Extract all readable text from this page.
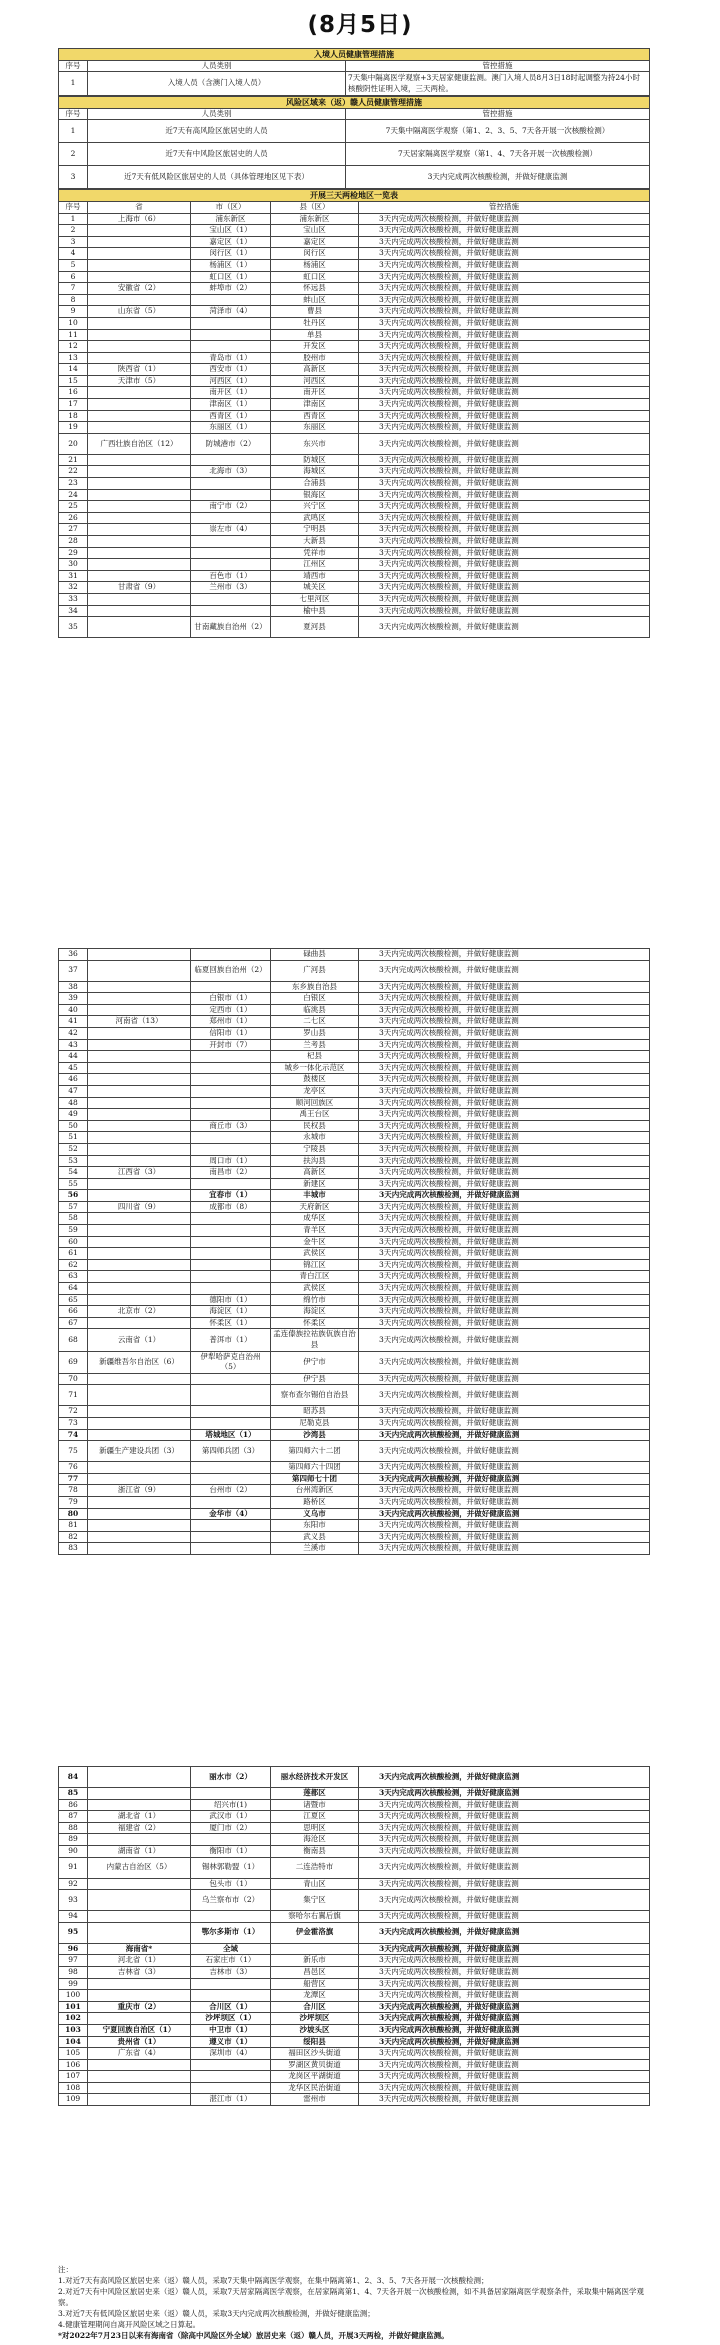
(8月5日)
入境人员健康管理措施		
序号	人员类别	管控措施
1	入境人员（含澳门入境人员）	7天集中隔离医学观察+3天居家健康监测。澳门入境人员8月3日18时起调整为持24小时核酸阴性证明入境，三天两检。
风险区域来（返）赣人员健康管理措施		
序号	人员类别	管控措施
1	近7天有高风险区旅居史的人员	7天集中隔离医学观察（第1、2、3、5、7天各开展一次核酸检测）
2	近7天有中风险区旅居史的人员	7天居家隔离医学观察（第1、4、7天各开展一次核酸检测）
3	近7天有低风险区旅居史的人员（具体管理地区见下表）	3天内完成两次核酸检测，并做好健康监测
开展三天两检地区一览表				
序号	省	市（区）	县（区）	管控措施
1	上海市（6）	浦东新区	浦东新区	3天内完成两次核酸检测，并做好健康监测
2		宝山区（1）	宝山区	3天内完成两次核酸检测，并做好健康监测
3		嘉定区（1）	嘉定区	3天内完成两次核酸检测，并做好健康监测
4		闵行区（1）	闵行区	3天内完成两次核酸检测，并做好健康监测
5		杨浦区（1）	杨浦区	3天内完成两次核酸检测，并做好健康监测
6		虹口区（1）	虹口区	3天内完成两次核酸检测，并做好健康监测
7	安徽省（2）	蚌埠市（2）	怀远县	3天内完成两次核酸检测，并做好健康监测
8			蚌山区	3天内完成两次核酸检测，并做好健康监测
9	山东省（5）	菏泽市（4）	曹县	3天内完成两次核酸检测，并做好健康监测
10			牡丹区	3天内完成两次核酸检测，并做好健康监测
11			单县	3天内完成两次核酸检测，并做好健康监测
12			开发区	3天内完成两次核酸检测，并做好健康监测
13		青岛市（1）	胶州市	3天内完成两次核酸检测，并做好健康监测
14	陕西省（1）	西安市（1）	高新区	3天内完成两次核酸检测，并做好健康监测
15	天津市（5）	河西区（1）	河西区	3天内完成两次核酸检测，并做好健康监测
16		南开区（1）	南开区	3天内完成两次核酸检测，并做好健康监测
17		津南区（1）	津南区	3天内完成两次核酸检测，并做好健康监测
18		西青区（1）	西青区	3天内完成两次核酸检测，并做好健康监测
19		东丽区（1）	东丽区	3天内完成两次核酸检测，并做好健康监测
20	广西壮族自治区（12）	防城港市（2）	东兴市	3天内完成两次核酸检测，并做好健康监测
21			防城区	3天内完成两次核酸检测，并做好健康监测
22		北海市（3）	海城区	3天内完成两次核酸检测，并做好健康监测
23			合浦县	3天内完成两次核酸检测，并做好健康监测
24			银海区	3天内完成两次核酸检测，并做好健康监测
25		南宁市（2）	兴宁区	3天内完成两次核酸检测，并做好健康监测
26			武鸣区	3天内完成两次核酸检测，并做好健康监测
27		崇左市（4）	宁明县	3天内完成两次核酸检测，并做好健康监测
28			大新县	3天内完成两次核酸检测，并做好健康监测
29			凭祥市	3天内完成两次核酸检测，并做好健康监测
30			江州区	3天内完成两次核酸检测，并做好健康监测
31		百色市（1）	靖西市	3天内完成两次核酸检测，并做好健康监测
32	甘肃省（9）	兰州市（3）	城关区	3天内完成两次核酸检测，并做好健康监测
33			七里河区	3天内完成两次核酸检测，并做好健康监测
34			榆中县	3天内完成两次核酸检测，并做好健康监测
35		甘南藏族自治州（2）	夏河县	3天内完成两次核酸检测，并做好健康监测
36			碌曲县	3天内完成两次核酸检测，并做好健康监测
37		临夏回族自治州（2）	广河县	3天内完成两次核酸检测，并做好健康监测
38			东乡族自治县	3天内完成两次核酸检测，并做好健康监测
39		白银市（1）	白银区	3天内完成两次核酸检测，并做好健康监测
40		定西市（1）	临洮县	3天内完成两次核酸检测，并做好健康监测
41	河南省（13）	郑州市（1）	二七区	3天内完成两次核酸检测，并做好健康监测
42		信阳市（1）	罗山县	3天内完成两次核酸检测，并做好健康监测
43		开封市（7）	兰考县	3天内完成两次核酸检测，并做好健康监测
44			杞县	3天内完成两次核酸检测，并做好健康监测
45			城乡一体化示范区	3天内完成两次核酸检测，并做好健康监测
46			鼓楼区	3天内完成两次核酸检测，并做好健康监测
47			龙亭区	3天内完成两次核酸检测，并做好健康监测
48			顺河回族区	3天内完成两次核酸检测，并做好健康监测
49			禹王台区	3天内完成两次核酸检测，并做好健康监测
50		商丘市（3）	民权县	3天内完成两次核酸检测，并做好健康监测
51			永城市	3天内完成两次核酸检测，并做好健康监测
52			宁陵县	3天内完成两次核酸检测，并做好健康监测
53		周口市（1）	扶沟县	3天内完成两次核酸检测，并做好健康监测
54	江西省（3）	南昌市（2）	高新区	3天内完成两次核酸检测，并做好健康监测
55			新建区	3天内完成两次核酸检测，并做好健康监测
56		宜春市（1）	丰城市	3天内完成两次核酸检测，并做好健康监测
57	四川省（9）	成都市（8）	天府新区	3天内完成两次核酸检测，并做好健康监测
58			成华区	3天内完成两次核酸检测，并做好健康监测
59			青羊区	3天内完成两次核酸检测，并做好健康监测
60			金牛区	3天内完成两次核酸检测，并做好健康监测
61			武侯区	3天内完成两次核酸检测，并做好健康监测
62			锦江区	3天内完成两次核酸检测，并做好健康监测
63			青白江区	3天内完成两次核酸检测，并做好健康监测
64			武侯区	3天内完成两次核酸检测，并做好健康监测
65		德阳市（1）	绵竹市	3天内完成两次核酸检测，并做好健康监测
66	北京市（2）	海淀区（1）	海淀区	3天内完成两次核酸检测，并做好健康监测
67		怀柔区（1）	怀柔区	3天内完成两次核酸检测，并做好健康监测
68	云南省（1）	普洱市（1）	孟连傣族拉祜族佤族自治县	3天内完成两次核酸检测，并做好健康监测
69	新疆维吾尔自治区（6）	伊犁哈萨克自治州（5）	伊宁市	3天内完成两次核酸检测，并做好健康监测
70			伊宁县	3天内完成两次核酸检测，并做好健康监测
71			察布查尔锡伯自治县	3天内完成两次核酸检测，并做好健康监测
72			昭苏县	3天内完成两次核酸检测，并做好健康监测
73			尼勒克县	3天内完成两次核酸检测，并做好健康监测
74		塔城地区（1）	沙湾县	3天内完成两次核酸检测，并做好健康监测
75	新疆生产建设兵团（3）	第四师兵团（3）	第四师六十二团	3天内完成两次核酸检测，并做好健康监测
76			第四师六十四团	3天内完成两次核酸检测，并做好健康监测
77			第四师七十团	3天内完成两次核酸检测，并做好健康监测
78	浙江省（9）	台州市（2）	台州湾新区	3天内完成两次核酸检测，并做好健康监测
79			路桥区	3天内完成两次核酸检测，并做好健康监测
80		金华市（4）	义乌市	3天内完成两次核酸检测，并做好健康监测
81			东阳市	3天内完成两次核酸检测，并做好健康监测
82			武义县	3天内完成两次核酸检测，并做好健康监测
83			兰溪市	3天内完成两次核酸检测，并做好健康监测
84		丽水市（2）	丽水经济技术开发区	3天内完成两次核酸检测，并做好健康监测
85			莲都区	3天内完成两次核酸检测，并做好健康监测
86		绍兴市(1)	诸暨市	3天内完成两次核酸检测，并做好健康监测
87	湖北省（1）	武汉市（1）	江夏区	3天内完成两次核酸检测，并做好健康监测
88	福建省（2）	厦门市（2）	思明区	3天内完成两次核酸检测，并做好健康监测
89			海沧区	3天内完成两次核酸检测，并做好健康监测
90	湖南省（1）	衡阳市（1）	衡南县	3天内完成两次核酸检测，并做好健康监测
91	内蒙古自治区（5）	锡林郭勒盟（1）	二连浩特市	3天内完成两次核酸检测，并做好健康监测
92		包头市（1）	青山区	3天内完成两次核酸检测，并做好健康监测
93		乌兰察布市（2）	集宁区	3天内完成两次核酸检测，并做好健康监测
94			察哈尔右翼后旗	3天内完成两次核酸检测，并做好健康监测
95		鄂尔多斯市（1）	伊金霍洛旗	3天内完成两次核酸检测，并做好健康监测
96	海南省*	全域		3天内完成两次核酸检测，并做好健康监测
97	河北省（1）	石家庄市（1）	新乐市	3天内完成两次核酸检测，并做好健康监测
98	吉林省（3）	吉林市（3）	昌邑区	3天内完成两次核酸检测，并做好健康监测
99			船营区	3天内完成两次核酸检测，并做好健康监测
100			龙潭区	3天内完成两次核酸检测，并做好健康监测
101	重庆市（2）	合川区（1）	合川区	3天内完成两次核酸检测，并做好健康监测
102		沙坪坝区（1）	沙坪坝区	3天内完成两次核酸检测，并做好健康监测
103	宁夏回族自治区（1）	中卫市（1）	沙坡头区	3天内完成两次核酸检测，并做好健康监测
104	贵州省（1）	遵义市（1）	绥阳县	3天内完成两次核酸检测，并做好健康监测
105	广东省（4）	深圳市（4）	福田区沙头街道	3天内完成两次核酸检测，并做好健康监测
106			罗湖区黄贝街道	3天内完成两次核酸检测，并做好健康监测
107			龙岗区平湖街道	3天内完成两次核酸检测，并做好健康监测
108			龙华区民治街道	3天内完成两次核酸检测，并做好健康监测
109		湛江市（1）	雷州市	3天内完成两次核酸检测，并做好健康监测
注：
1.对近7天有高风险区旅居史来（返）赣人员，采取7天集中隔离医学观察，在集中隔离第1、2、3、5、7天各开展一次核酸检测；
2.对近7天有中风险区旅居史来（返）赣人员，采取7天居家隔离医学观察，在居家隔离第1、4、7天各开展一次核酸检测，如不具备居家隔离医学观察条件，采取集中隔离医学观察。
3.对近7天有低风险区旅居史来（返）赣人员，采取3天内完成两次核酸检测，并做好健康监测；
4.健康管理期间自离开风险区域之日算起。
*对2022年7月23日以来有海南省（除高中风险区外全域）旅居史来（返）赣人员，开展3天两检，并做好健康监测。
